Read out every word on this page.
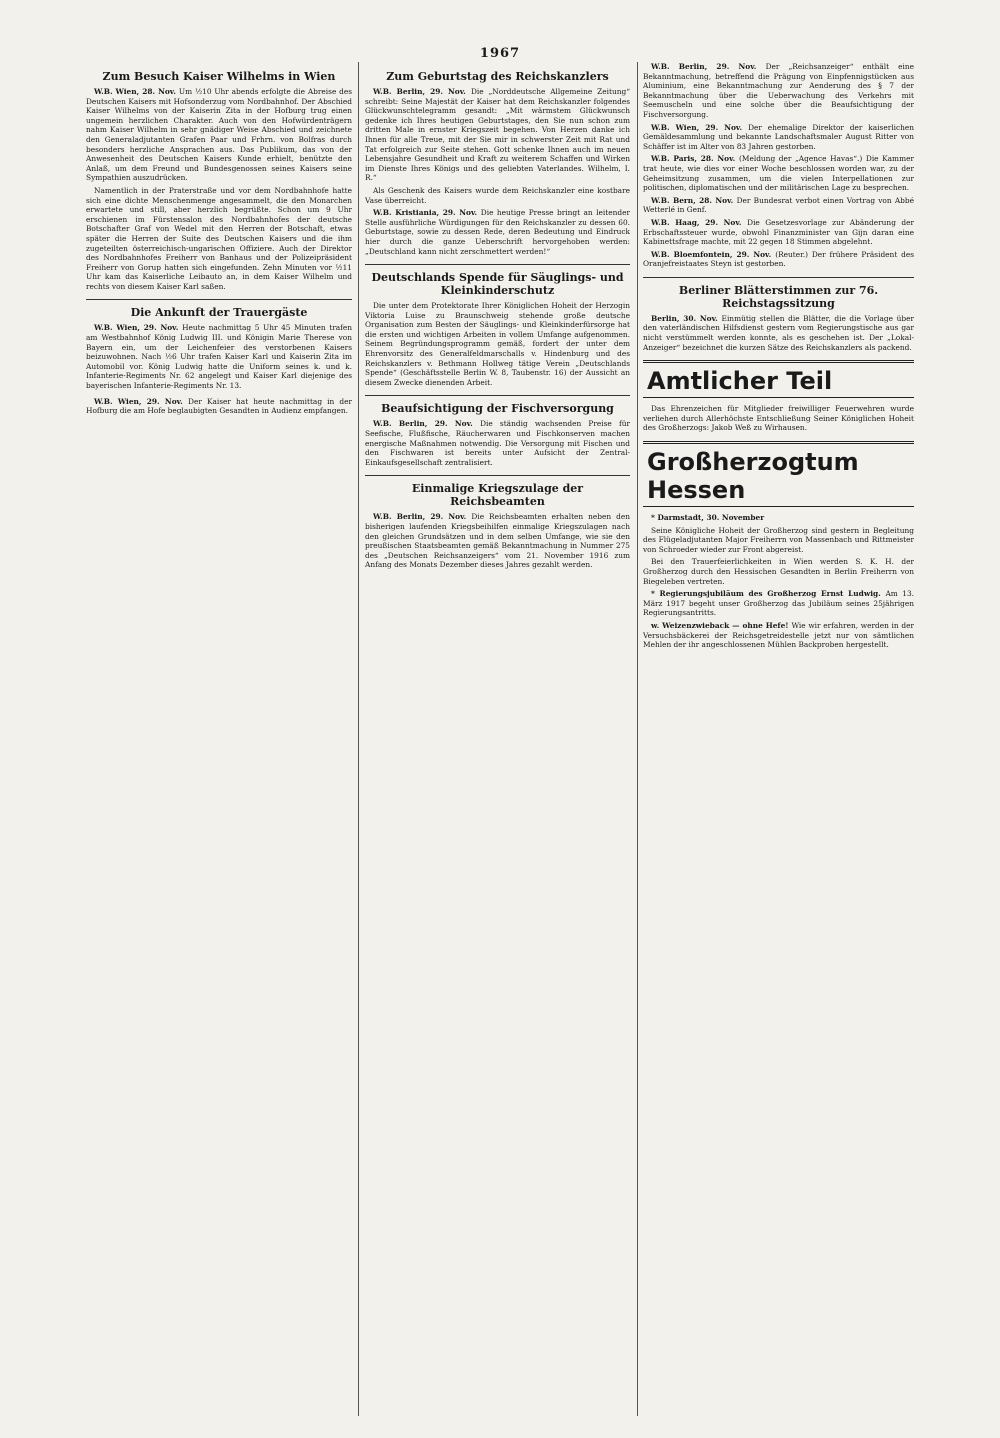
1967
Zum Besuch Kaiser Wilhelms in Wien

W.B. Wien, 28. Nov. Um ½10 Uhr abends erfolgte die Abreise des Deutschen Kaisers mit Hofsonderzug vom Nordbahnhof. Der Abschied Kaiser Wilhelms von der Kaiserin Zita in der Hofburg trug einen ungemein herzlichen Charakter. Auch von den Hofwürdenträgern nahm Kaiser Wilhelm in sehr gnädiger Weise Abschied und zeichnete den Generaladjutanten Grafen Paar und Frhrn. von Bolfras durch besonders herzliche Ansprachen aus. Das Publikum, das von der Anwesenheit des Deutschen Kaisers Kunde erhielt, benützte den Anlaß, um dem Freund und Bundesgenossen seines Kaisers seine Sympathien auszudrücken.

Namentlich in der Praterstraße und vor dem Nordbahnhofe hatte sich eine dichte Menschenmenge angesammelt, die den Monarchen erwartete und still, aber herzlich begrüßte. Schon um 9 Uhr erschienen im Fürstensalon des Nordbahnhofes der deutsche Botschafter Graf von Wedel mit den Herren der Botschaft, etwas später die Herren der Suite des Deutschen Kaisers und die ihm zugeteilten österreichisch-ungarischen Offiziere. Auch der Direktor des Nordbahnhofes Freiherr von Banhaus und der Polizeipräsident Freiherr von Gorup hatten sich eingefunden. Zehn Minuten vor ½11 Uhr kam das Kaiserliche Leibauto an, in dem Kaiser Wilhelm und rechts von diesem Kaiser Karl saßen.

Die Ankunft der Trauergäste

W.B. Wien, 29. Nov. Heute nachmittag 5 Uhr 45 Minuten trafen am Westbahnhof König Ludwig III. und Königin Marie Therese von Bayern ein, um der Leichenfeier des verstorbenen Kaisers beizuwohnen. Nach ½6 Uhr trafen Kaiser Karl und Kaiserin Zita im Automobil vor. König Ludwig hatte die Uniform seines k. und k. Infanterie-Regiments Nr. 62 angelegt und Kaiser Karl diejenige des bayerischen Infanterie-Regiments Nr. 13.

W.B. Wien, 29. Nov. Der Kaiser hat heute nachmittag in der Hofburg die am Hofe beglaubigten Gesandten in Audienz empfangen.

Zum Geburtstag des Reichskanzlers

W.B. Berlin, 29. Nov. Die „Norddeutsche Allgemeine Zeitung“ schreibt: Seine Majestät der Kaiser hat dem Reichskanzler folgendes Glückwunschtelegramm gesandt: „Mit wärmstem Glückwunsch gedenke ich Ihres heutigen Geburtstages, den Sie nun schon zum dritten Male in ernster Kriegszeit begehen. Von Herzen danke ich Ihnen für alle Treue, mit der Sie mir in schwerster Zeit mit Rat und Tat erfolgreich zur Seite stehen. Gott schenke Ihnen auch im neuen Lebensjahre Gesundheit und Kraft zu weiterem Schaffen und Wirken im Dienste Ihres Königs und des geliebten Vaterlandes. Wilhelm, I. R.“

Als Geschenk des Kaisers wurde dem Reichskanzler eine kostbare Vase überreicht.

W.B. Kristiania, 29. Nov. Die heutige Presse bringt an leitender Stelle ausführliche Würdigungen für den Reichskanzler zu dessen 60. Geburtstage, sowie zu dessen Rede, deren Bedeutung und Eindruck hier durch die ganze Ueberschrift hervorgehoben werden: „Deutschland kann nicht zerschmettert werden!“

Deutschlands Spende für Säuglings- und Kleinkinderschutz

Die unter dem Protektorate Ihrer Königlichen Hoheit der Herzogin Viktoria Luise zu Braunschweig stehende große deutsche Organisation zum Besten der Säuglings- und Kleinkinderfürsorge hat die ersten und wichtigen Arbeiten in vollem Umfange aufgenommen. Seinem Begründungsprogramm gemäß, fordert der unter dem Ehrenvorsitz des Generalfeldmarschalls v. Hindenburg und des Reichskanzlers v. Bethmann Hollweg tätige Verein „Deutschlands Spende“ (Geschäftsstelle Berlin W. 8, Taubenstr. 16) der Aussicht an diesem Zwecke dienenden Arbeit.

Beaufsichtigung der Fischversorgung

W.B. Berlin, 29. Nov. Die ständig wachsenden Preise für Seefische, Flußfische, Räucherwaren und Fischkonserven machen energische Maßnahmen notwendig. Die Versorgung mit Fischen und den Fischwaren ist bereits unter Aufsicht der Zentral-Einkaufsgesellschaft zentralisiert.

Einmalige Kriegszulage der Reichsbeamten

W.B. Berlin, 29. Nov. Die Reichsbeamten erhalten neben den bisherigen laufenden Kriegsbeihilfen einmalige Kriegszulagen nach den gleichen Grundsätzen und in dem selben Umfange, wie sie den preußischen Staatsbeamten gemäß Bekanntmachung in Nummer 275 des „Deutschen Reichsanzeigers“ vom 21. November 1916 zum Anfang des Monats Dezember dieses Jahres gezahlt werden.

W.B. Berlin, 29. Nov. Der „Reichsanzeiger“ enthält eine Bekanntmachung, betreffend die Prägung von Einpfennigstücken aus Aluminium, eine Bekanntmachung zur Aenderung des § 7 der Bekanntmachung über die Ueberwachung des Verkehrs mit Seemuscheln und eine solche über die Beaufsichtigung der Fischversorgung.

W.B. Wien, 29. Nov. Der ehemalige Direktor der kaiserlichen Gemäldesammlung und bekannte Landschaftsmaler August Ritter von Schäffer ist im Alter von 83 Jahren gestorben.

W.B. Paris, 28. Nov. (Meldung der „Agence Havas“.) Die Kammer trat heute, wie dies vor einer Woche beschlossen worden war, zu der Geheimsitzung zusammen, um die vielen Interpellationen zur politischen, diplomatischen und der militärischen Lage zu besprechen.

W.B. Bern, 28. Nov. Der Bundesrat verbot einen Vortrag von Abbé Wetterlé in Genf.

W.B. Haag, 29. Nov. Die Gesetzesvorlage zur Abänderung der Erbschaftssteuer wurde, obwohl Finanzminister van Gijn daran eine Kabinettsfrage machte, mit 22 gegen 18 Stimmen abgelehnt.

W.B. Bloemfontein, 29. Nov. (Reuter.) Der frühere Präsident des Oranjefreistaates Steyn ist gestorben.

Berliner Blätterstimmen zur 76. Reichstagssitzung

Berlin, 30. Nov. Einmütig stellen die Blätter, die die Vorlage über den vaterländischen Hilfsdienst gestern vom Regierungstische aus gar nicht verstümmelt werden konnte, als es geschehen ist. Der „Lokal-Anzeiger“ bezeichnet die kurzen Sätze des Reichskanzlers als packend.

Amtlicher Teil

Das Ehrenzeichen für Mitglieder freiwilliger Feuerwehren wurde verliehen durch Allerhöchste Entschließung Seiner Königlichen Hoheit des Großherzogs: Jakob Weß zu Wirhausen.

Großherzogtum Hessen

* Darmstadt, 30. November

Seine Königliche Hoheit der Großherzog sind gestern in Begleitung des Flügeladjutanten Major Freiherrn von Massenbach und Rittmeister von Schroeder wieder zur Front abgereist.

Bei den Trauerfeierlichkeiten in Wien werden S. K. H. der Großherzog durch den Hessischen Gesandten in Berlin Freiherrn von Biegeleben vertreten.

* Regierungsjubiläum des Großherzog Ernst Ludwig. Am 13. März 1917 begeht unser Großherzog das Jubiläum seines 25jährigen Regierungsantritts.

w. Weizenzwieback — ohne Hefe! Wie wir erfahren, werden in der Versuchsbäckerei der Reichsgetreidestelle jetzt nur von sämtlichen Mehlen der ihr angeschlossenen Mühlen Backproben hergestellt.
